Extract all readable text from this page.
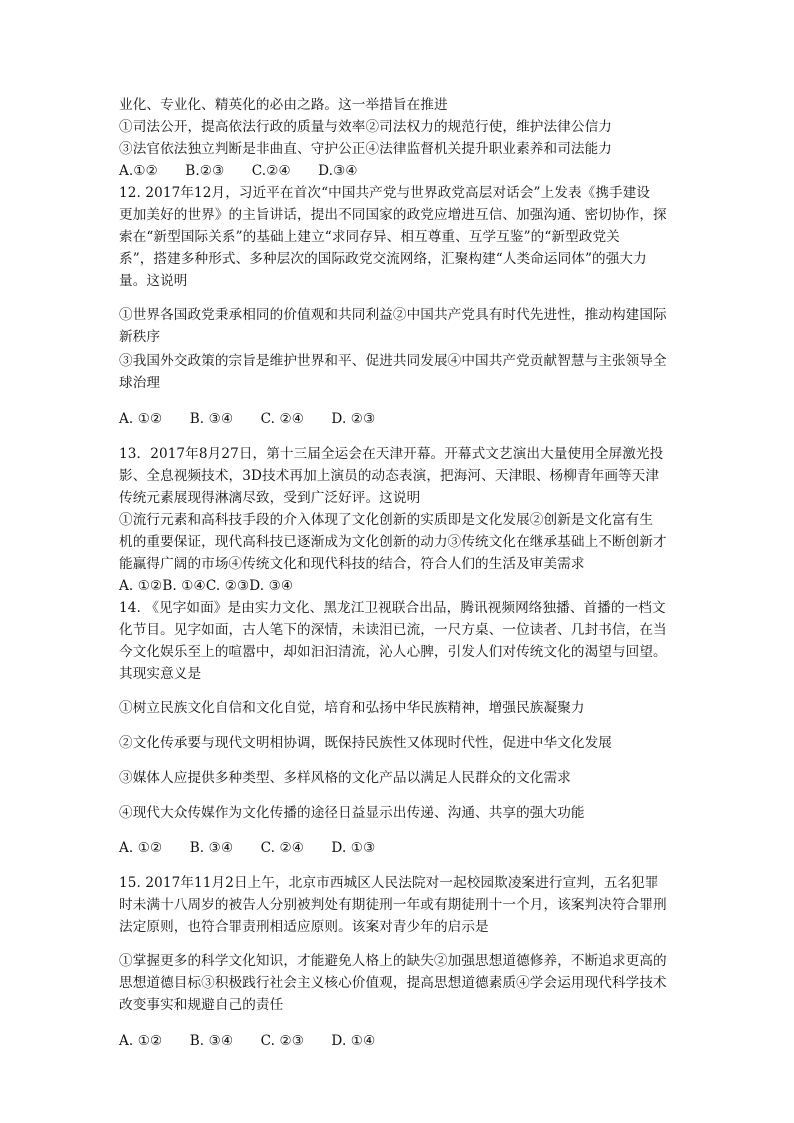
业化、专业化、精英化的必由之路。这一举措旨在推进
①司法公开，提高依法行政的质量与效率②司法权力的规范行使，维护法律公信力
③法官依法独立判断是非曲直、守护公正④法律监督机关提升职业素养和司法能力
A.①②　　B.②③　　C.②④　　D.③④
12. 2017年12月，习近平在首次“中国共产党与世界政党高层对话会”上发表《携手建设
更加美好的世界》的主旨讲话，提出不同国家的政党应增进互信、加强沟通、密切协作，探
索在“新型国际关系”的基础上建立“求同存异、相互尊重、互学互鉴”的“新型政党关
系”，搭建多种形式、多种层次的国际政党交流网络，汇聚构建“人类命运同体”的强大力
量。这说明
①世界各国政党秉承相同的价值观和共同利益②中国共产党具有时代先进性，推动构建国际
新秩序
③我国外交政策的宗旨是维护世界和平、促进共同发展④中国共产党贡献智慧与主张领导全
球治理
A. ①②　　B. ③④　　C. ②④　　D. ②③
13．2017年8月27日，第十三届全运会在天津开幕。开幕式文艺演出大量使用全屏激光投
影、全息视频技术，3D技术再加上演员的动态表演，把海河、天津眼、杨柳青年画等天津
传统元素展现得淋漓尽致，受到广泛好评。这说明
①流行元素和高科技手段的介入体现了文化创新的实质即是文化发展②创新是文化富有生
机的重要保证，现代高科技已逐渐成为文化创新的动力③传统文化在继承基础上不断创新才
能赢得广阔的市场④传统文化和现代科技的结合，符合人们的生活及审美需求
A. ①②B. ①④C. ②③D. ③④
14. 《见字如面》是由实力文化、黑龙江卫视联合出品，腾讯视频网络独播、首播的一档文
化节目。见字如面，古人笔下的深情，未读泪已流，一尺方桌、一位读者、几封书信，在当
今文化娱乐至上的喧嚣中，却如汩汩清流，沁人心脾，引发人们对传统文化的渴望与回望。
其现实意义是
①树立民族文化自信和文化自觉，培育和弘扬中华民族精神，增强民族凝聚力
②文化传承要与现代文明相协调，既保持民族性又体现时代性，促进中华文化发展
③媒体人应提供多种类型、多样风格的文化产品以满足人民群众的文化需求
④现代大众传媒作为文化传播的途径日益显示出传递、沟通、共享的强大功能
A. ①②　　B. ③④　　C. ②④　　D. ①③
15. 2017年11月2日上午，北京市西城区人民法院对一起校园欺凌案进行宣判，五名犯罪
时未满十八周岁的被告人分别被判处有期徒刑一年或有期徒刑十一个月，该案判决符合罪刑
法定原则，也符合罪责刑相适应原则。该案对青少年的启示是
①掌握更多的科学文化知识，才能避免人格上的缺失②加强思想道德修养，不断追求更高的
思想道德目标③积极践行社会主义核心价值观，提高思想道德素质④学会运用现代科学技术
改变事实和规避自己的责任
A. ①②　　B. ③④　　C. ②③　　D. ①④
